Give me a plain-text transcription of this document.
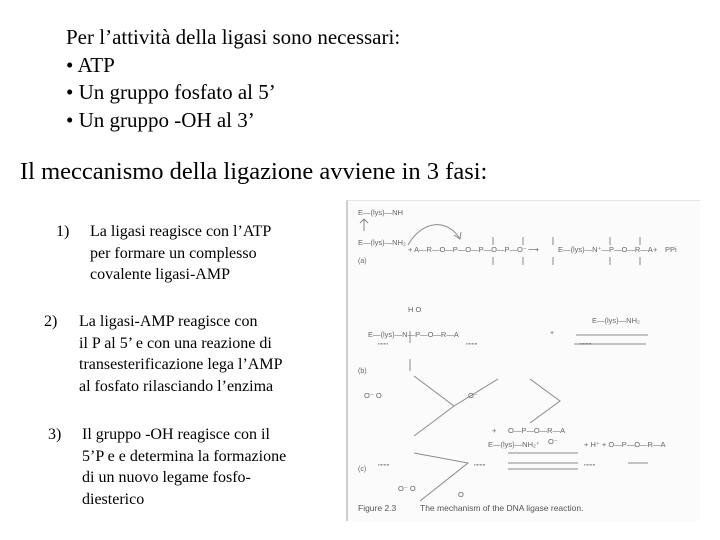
Per l’attività della ligasi sono necessari:
• ATP
• Un gruppo fosfato al 5’
• Un gruppo -OH al 3’
Il meccanismo della ligazione avviene in 3 fasi:
1) La ligasi reagisce con l’ATP
per formare un complesso
covalente ligasi-AMP
2) La ligasi-AMP reagisce con
il P al 5’ e con una reazione di
transesterificazione lega l’AMP
al fosfato rilasciando l’enzima
3) Il gruppo -OH reagisce con il
5’P e e determina la formazione
di un nuovo legame fosfo-
diesterico
E—(lys)—NH
E—(lys)—NH₂
+ A—R—O—P—O—P—O—P—O⁻ ⟶	E—(lys)—N⁺—P—O—R—A + PPi
H O
E—(lys)—N—P—O—R—A
E—(lys)—NH₂
'''''''	''''''''	''''''''
O⁻ O	O⁻
O—P—O—R—A
O⁻
+
E—(lys)—NH₂⁺	+ H⁺ + O—P—O—R—A
''''''''	''''''''	''''''''
O⁻ O
O
(a)
(b)
(c)
+
Figure 2.3	The mechanism of the DNA ligase reaction.
